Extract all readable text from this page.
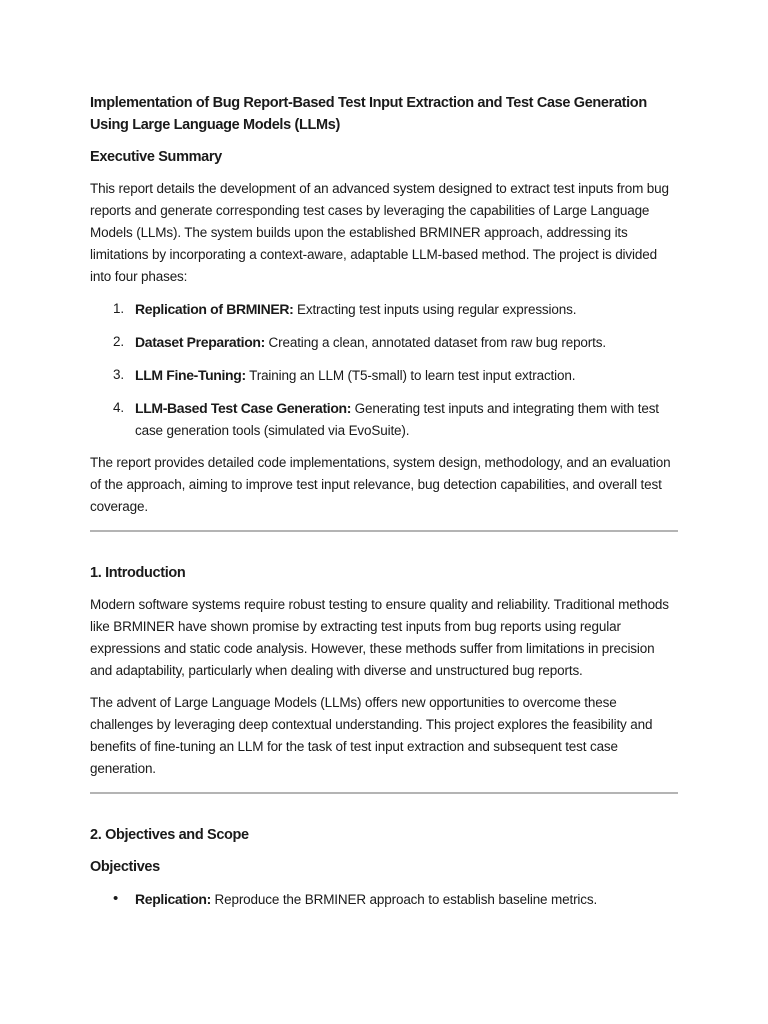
Implementation of Bug Report-Based Test Input Extraction and Test Case Generation Using Large Language Models (LLMs)
Executive Summary

This report details the development of an advanced system designed to extract test inputs from bug reports and generate corresponding test cases by leveraging the capabilities of Large Language Models (LLMs). The system builds upon the established BRMINER approach, addressing its limitations by incorporating a context-aware, adaptable LLM-based method. The project is divided into four phases:

1. Replication of BRMINER: Extracting test inputs using regular expressions.
2. Dataset Preparation: Creating a clean, annotated dataset from raw bug reports.
3. LLM Fine-Tuning: Training an LLM (T5-small) to learn test input extraction.
4. LLM-Based Test Case Generation: Generating test inputs and integrating them with test case generation tools (simulated via EvoSuite).

The report provides detailed code implementations, system design, methodology, and an evaluation of the approach, aiming to improve test input relevance, bug detection capabilities, and overall test coverage.

1. Introduction

Modern software systems require robust testing to ensure quality and reliability. Traditional methods like BRMINER have shown promise by extracting test inputs from bug reports using regular expressions and static code analysis. However, these methods suffer from limitations in precision and adaptability, particularly when dealing with diverse and unstructured bug reports.

The advent of Large Language Models (LLMs) offers new opportunities to overcome these challenges by leveraging deep contextual understanding. This project explores the feasibility and benefits of fine-tuning an LLM for the task of test input extraction and subsequent test case generation.

2. Objectives and Scope
Objectives
• Replication: Reproduce the BRMINER approach to establish baseline metrics.
